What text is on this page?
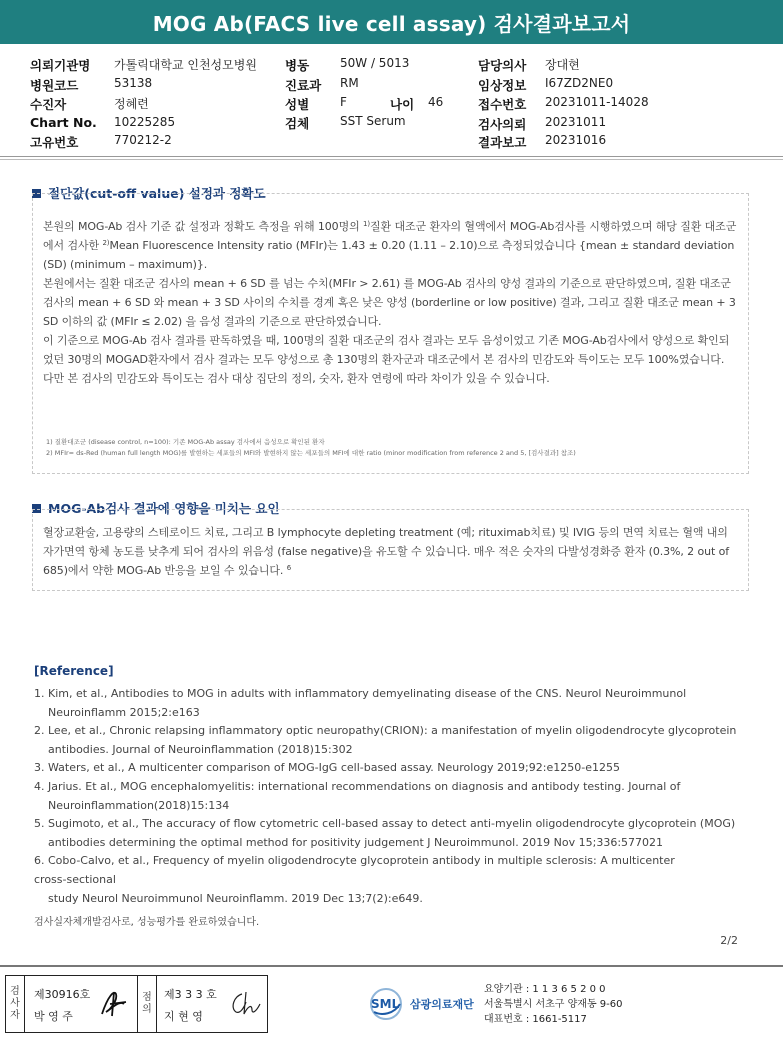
MOG Ab(FACS live cell assay) 검사결과보고서
의뢰기관명 가톨릭대학교 인천성모병원
병원코드	53138
수진자	정혜련
Chart No. 10225285
고유번호	770212-2
병동	50W / 5013
진료과 RM
성별	F	나이 46
검체	SST Serum
담당의사 장대현
임상정보 I67ZD2NE0
접수번호 20231011-14028
검사의뢰 20231011
결과보고 20231016
절단값(cut-off value) 설정과 정확도

본원의 MOG-Ab 검사 기준 값 설정과 정확도 측정을 위해 100명의 $^{1)}$질환 대조군 환자의 혈액에서 MOG-Ab검사를 시행하였으며 해당 질환 대조군에서 검사한 $^{2)}$Mean Fluorescence Intensity ratio (MFIr)는 1.43 ± 0.20 (1.11 – 2.10)으로 측정되었습니다 {mean ± standard deviation (SD) (minimum – maximum)}.

본원에서는 질환 대조군 검사의 mean + 6 SD 를 넘는 수치(MFIr > 2.61) 를 MOG-Ab 검사의 양성 결과의 기준으로 판단하였으며, 질환 대조군 검사의 mean + 6 SD 와 mean + 3 SD 사이의 수치를 경계 혹은 낮은 양성 (borderline or low positive) 결과, 그리고 질환 대조군 mean + 3 SD 이하의 값 (MFIr ≤ 2.02) 을 음성 결과의 기준으로 판단하였습니다.

이 기준으로 MOG-Ab 검사 결과를 판독하였을 때, 100명의 질환 대조군의 검사 결과는 모두 음성이었고 기존 MOG-Ab검사에서 양성으로 확인되었던 30명의 MOGAD환자에서 검사 결과는 모두 양성으로 총 130명의 환자군과 대조군에서 본 검사의 민감도와 특이도는 모두 100%였습니다. 다만 본 검사의 민감도와 특이도는 검사 대상 집단의 정의, 숫자, 환자 연령에 따라 차이가 있을 수 있습니다.

1) 질환대조군 (disease control, n=100): 기존 MOG-Ab assay 검사에서 음성으로 확인된 환자

2) MFIr= ds-Red (human full length MOG)를 발현하는 세포들의 MFI와 발현하지 않는 세포들의 MFI에 대한 ratio (minor modification from reference 2 and 5, [검사결과] 참조)

MOG-Ab검사 결과에 영향을 미치는 요인

혈장교환술, 고용량의 스테로이드 치료, 그리고 B lymphocyte depleting treatment (예; rituximab치료) 및 IVIG 등의 면역 치료는 혈액 내의 자가면역 항체 농도를 낮추게 되어 검사의 위음성 (false negative)을 유도할 수 있습니다. 매우 적은 숫자의 다발성경화증 환자 (0.3%, 2 out of 685)에서 약한 MOG-Ab 반응을 보일 수 있습니다. $^6$

[Reference]

1. Kim, et al., Antibodies to MOG in adults with inflammatory demyelinating disease of the CNS. Neurol Neuroimmunol

Neuroinflamm 2015;2:e163

2. Lee, et al., Chronic relapsing inflammatory optic neuropathy(CRION): a manifestation of myelin oligodendrocyte glycoprotein

antibodies. Journal of Neuroinflammation (2018)15:302

3. Waters, et al., A multicenter comparison of MOG-IgG cell-based assay. Neurology 2019;92:e1250-e1255

4. Jarius. Et al., MOG encephalomyelitis: international recommendations on diagnosis and antibody testing. Journal of

Neuroinflammation(2018)15:134

5. Sugimoto, et al., The accuracy of flow cytometric cell-based assay to detect anti-myelin oligodendrocyte glycoprotein (MOG)

antibodies determining the optimal method for positivity judgement J Neuroimmunol. 2019 Nov 15;336:577021

6. Cobo-Calvo, et al., Frequency of myelin oligodendrocyte glycoprotein antibody in multiple sclerosis: A multicenter

cross-sectional

study Neurol Neuroimmunol Neuroinflamm. 2019 Dec 13;7(2):e649.

검사실자체개발검사로, 성능평가를 완료하였습니다.
2/2
검
사
자
제30916호
박 영 주
점
의
제3 3 3 호
지 현 영
SML 삼광의료재단

요양기관 : 1 1 3 6 5 2 0 0

서울특별시 서초구 양재동 9-60

대표번호 : 1661-5117
